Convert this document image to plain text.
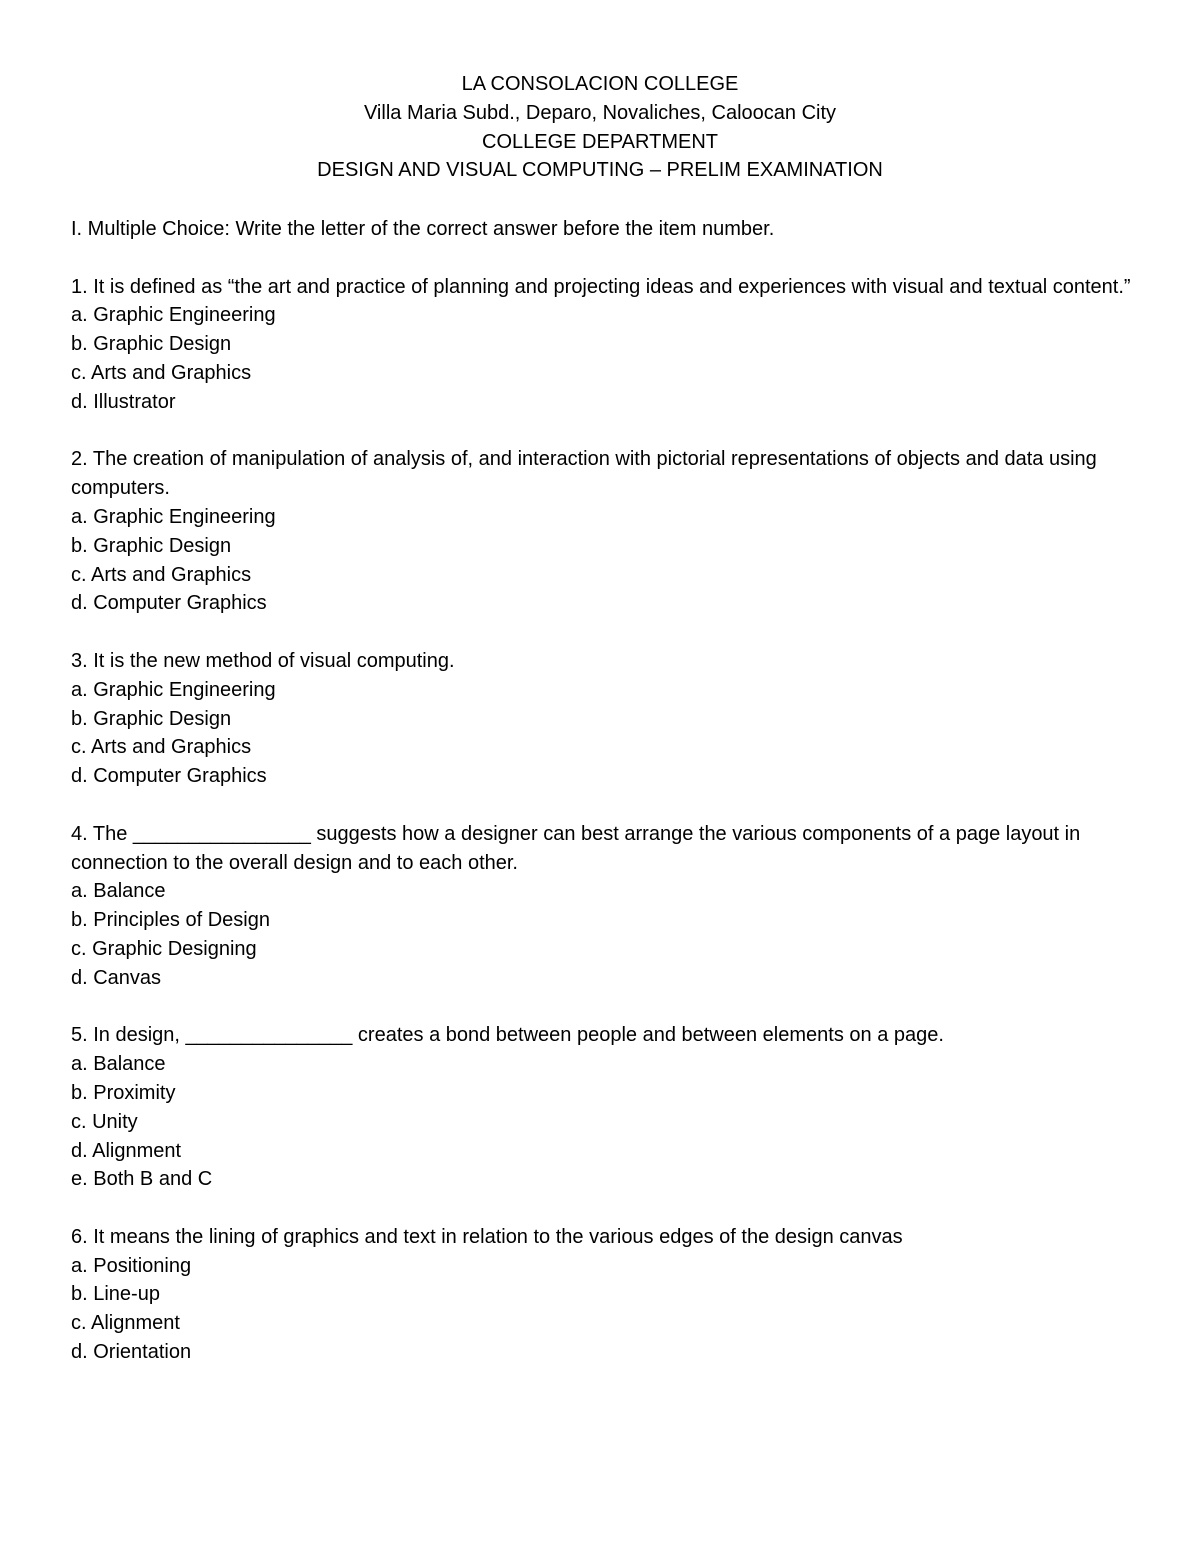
LA CONSOLACION COLLEGE
Villa Maria Subd., Deparo, Novaliches, Caloocan City
COLLEGE DEPARTMENT
DESIGN AND VISUAL COMPUTING – PRELIM EXAMINATION

I. Multiple Choice: Write the letter of the correct answer before the item number.

1. It is defined as “the art and practice of planning and projecting ideas and experiences with visual and textual content.”

a. Graphic Engineering

b. Graphic Design

c. Arts and Graphics

d. Illustrator

2. The creation of manipulation of analysis of, and interaction with pictorial representations of objects and data using computers.

a. Graphic Engineering

b. Graphic Design

c. Arts and Graphics

d. Computer Graphics

3. It is the new method of visual computing.

a. Graphic Engineering

b. Graphic Design

c. Arts and Graphics

d. Computer Graphics

4. The ________________ suggests how a designer can best arrange the various components of a page layout in connection to the overall design and to each other.

a. Balance

b. Principles of Design

c. Graphic Designing

d. Canvas

5. In design, _______________ creates a bond between people and between elements on a page.

a. Balance

b. Proximity

c. Unity

d. Alignment

e. Both B and C

6. It means the lining of graphics and text in relation to the various edges of the design canvas

a. Positioning

b. Line-up

c. Alignment

d. Orientation
